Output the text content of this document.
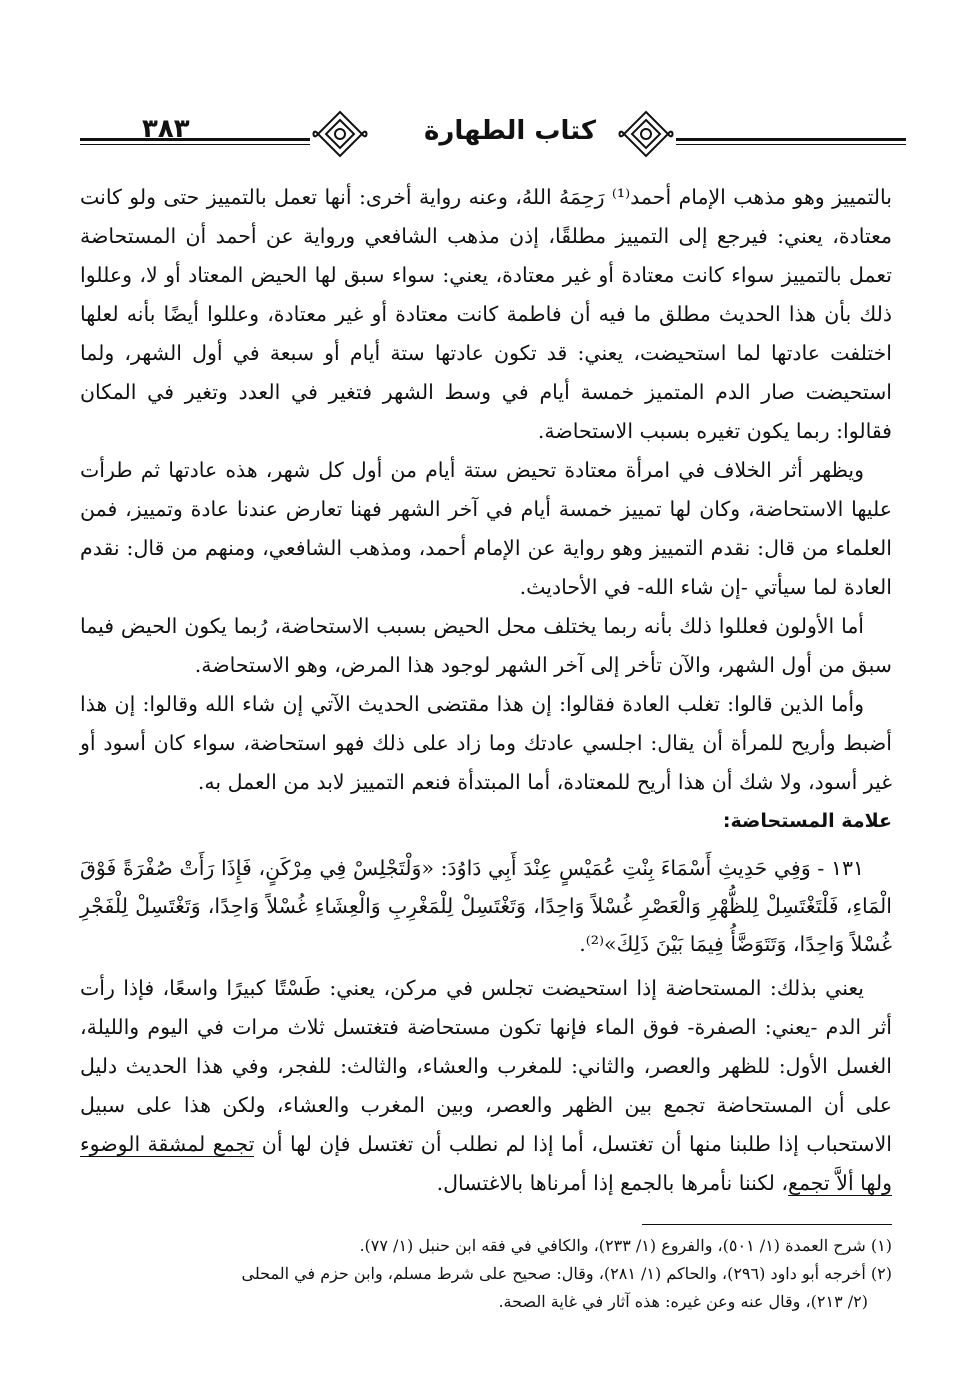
٣٨٣	كتاب الطهارة

بالتمييز وهو مذهب الإمام أحمد⁽¹⁾ رَحِمَهُ اللهُ، وعنه رواية أخرى: أنها تعمل بالتمييز حتى ولو كانت معتادة، يعني: فيرجع إلى التمييز مطلقًا، إذن مذهب الشافعي ورواية عن أحمد أن المستحاضة تعمل بالتمييز سواء كانت معتادة أو غير معتادة، يعني: سواء سبق لها الحيض المعتاد أو لا، وعللوا ذلك بأن هذا الحديث مطلق ما فيه أن فاطمة كانت معتادة أو غير معتادة، وعللوا أيضًا بأنه لعلها اختلفت عادتها لما استحيضت، يعني: قد تكون عادتها ستة أيام أو سبعة في أول الشهر، ولما استحيضت صار الدم المتميز خمسة أيام في وسط الشهر فتغير في العدد وتغير في المكان فقالوا: ربما يكون تغيره بسبب الاستحاضة.

ويظهر أثر الخلاف في امرأة معتادة تحيض ستة أيام من أول كل شهر، هذه عادتها ثم طرأت عليها الاستحاضة، وكان لها تمييز خمسة أيام في آخر الشهر فهنا تعارض عندنا عادة وتمييز، فمن العلماء من قال: نقدم التمييز وهو رواية عن الإمام أحمد، ومذهب الشافعي، ومنهم من قال: نقدم العادة لما سيأتي -إن شاء الله- في الأحاديث.

أما الأولون فعللوا ذلك بأنه ربما يختلف محل الحيض بسبب الاستحاضة، رُبما يكون الحيض فيما سبق من أول الشهر، والآن تأخر إلى آخر الشهر لوجود هذا المرض، وهو الاستحاضة.

وأما الذين قالوا: تغلب العادة فقالوا: إن هذا مقتضى الحديث الآتي إن شاء الله وقالوا: إن هذا أضبط وأريح للمرأة أن يقال: اجلسي عادتك وما زاد على ذلك فهو استحاضة، سواء كان أسود أو غير أسود، ولا شك أن هذا أريح للمعتادة، أما المبتدأة فنعم التمييز لابد من العمل به.

علامة المستحاضة:

١٣١ - وَفِي حَدِيثِ أَسْمَاءَ بِنْتِ عُمَيْسٍ عِنْدَ أَبِي دَاوُدَ: «وَلْتَجْلِسْ فِي مِرْكَنٍ، فَإِذَا رَأَتْ صُفْرَةً فَوْقَ الْمَاءِ، فَلْتَغْتَسِلْ لِلظُّهْرِ وَالْعَصْرِ غُسْلاً وَاحِدًا، وَتَغْتَسِلْ لِلْمَغْرِبِ وَالْعِشَاءِ غُسْلاً وَاحِدًا، وَتَغْتَسِلْ لِلْفَجْرِ غُسْلاً وَاحِدًا، وَتَتَوَضَّأُ فِيمَا بَيْنَ ذَلِكَ»⁽²⁾.

يعني بذلك: المستحاضة إذا استحيضت تجلس في مركن، يعني: طَسْتًا كبيرًا واسعًا، فإذا رأت أثر الدم -يعني: الصفرة- فوق الماء فإنها تكون مستحاضة فتغتسل ثلاث مرات في اليوم والليلة، الغسل الأول: للظهر والعصر، والثاني: للمغرب والعشاء، والثالث: للفجر، وفي هذا الحديث دليل على أن المستحاضة تجمع بين الظهر والعصر، وبين المغرب والعشاء، ولكن هذا على سبيل الاستحباب إذا طلبنا منها أن تغتسل، أما إذا لم نطلب أن تغتسل فإن لها أن تجمع لمشقة الوضوء ولها ألاَّ تجمع، لكننا نأمرها بالجمع إذا أمرناها بالاغتسال.

(١) شرح العمدة (١/ ٥٠١)، والفروع (١/ ٢٣٣)، والكافي في فقه ابن حنبل (١/ ٧٧).

(٢) أخرجه أبو داود (٢٩٦)، والحاكم (١/ ٢٨١)، وقال: صحيح على شرط مسلم، وابن حزم في المحلى

(٢/ ٢١٣)، وقال عنه وعن غيره: هذه آثار في غاية الصحة.
